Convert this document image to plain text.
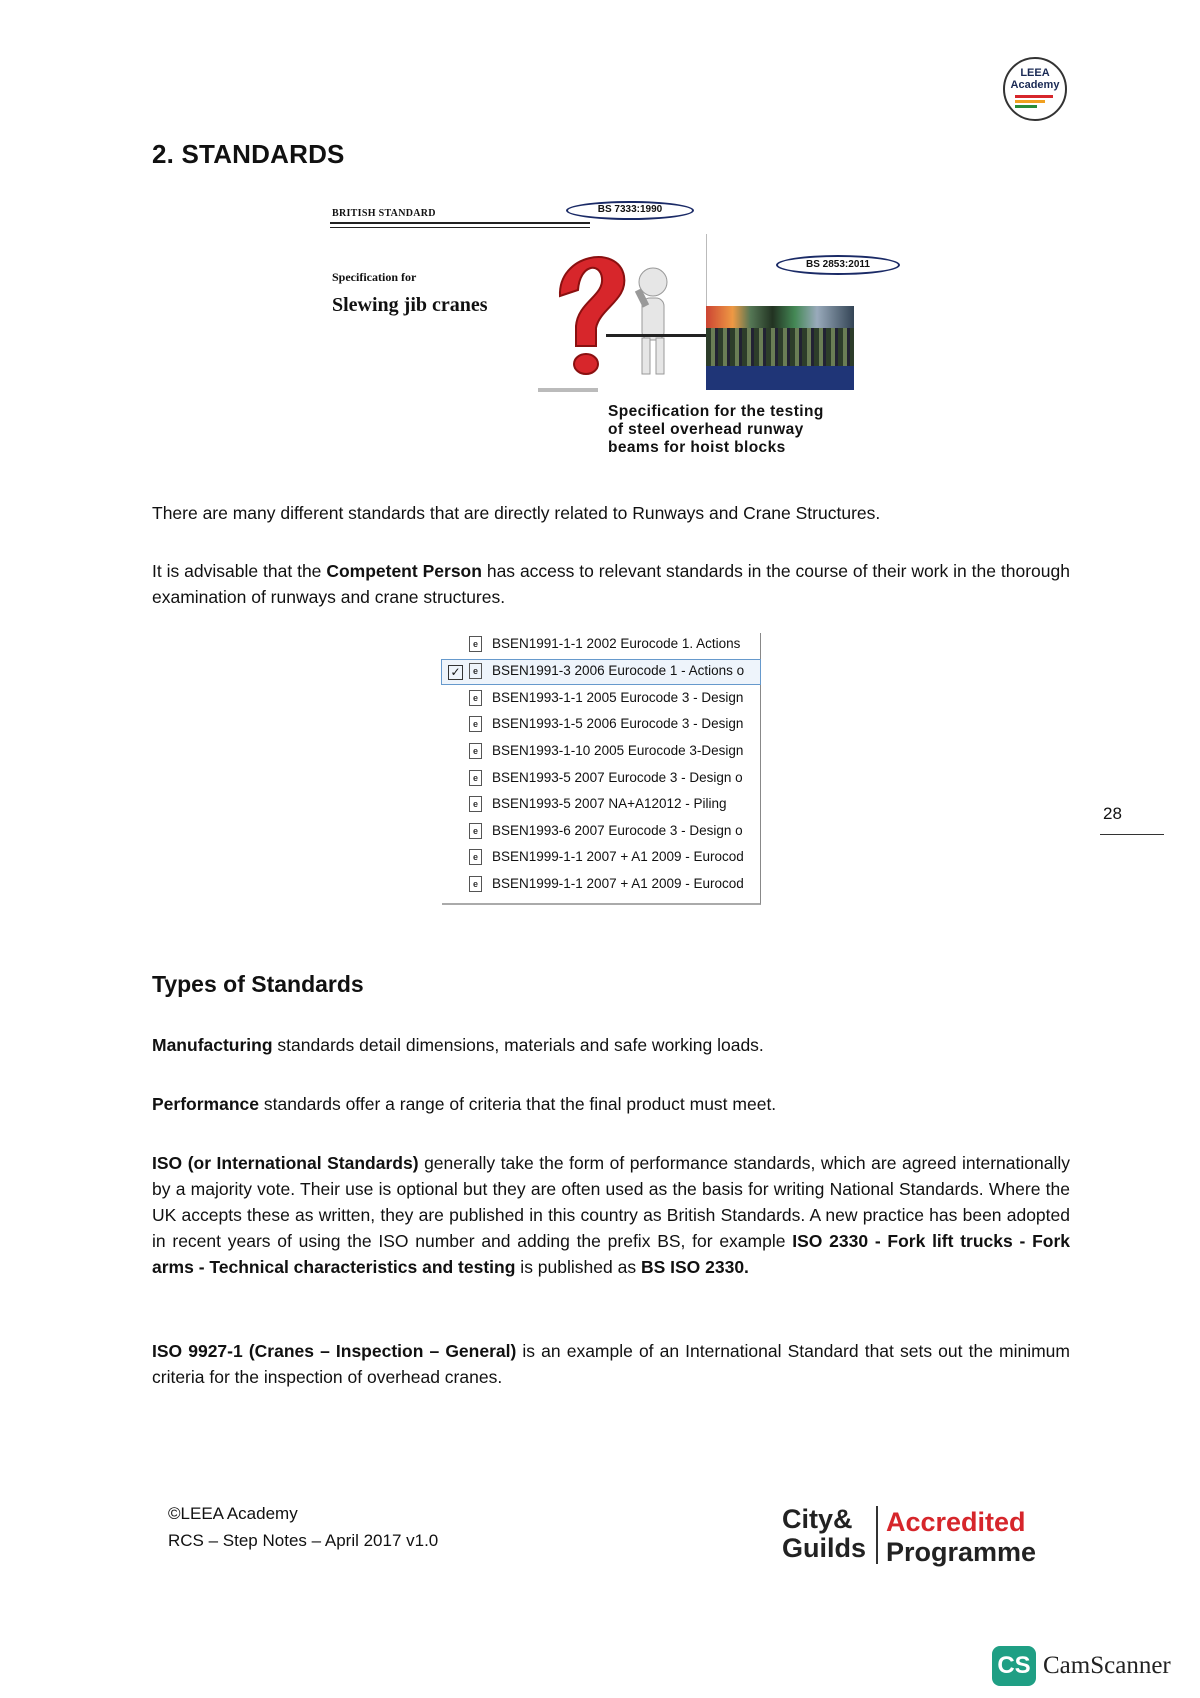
LEEA
Academy
2. STANDARDS
BRITISH STANDARD	BS 7333:1990
Specification for
Slewing jib cranes
BS 2853:2011
Specification for the testing
of steel overhead runway
beams for hoist blocks
There are many different standards that are directly related to Runways and Crane Structures.
It is advisable that the Competent Person has access to relevant standards in the course of their work in the thorough examination of runways and crane structures.
e BSEN1991-1-1 2002 Eurocode 1. Actions
✓	e BSEN1991-3 2006 Eurocode 1 - Actions o
e BSEN1993-1-1 2005 Eurocode 3 - Design
e BSEN1993-1-5 2006 Eurocode 3 - Design
e BSEN1993-1-10 2005 Eurocode 3-Design
e BSEN1993-5 2007 Eurocode 3 - Design o
e BSEN1993-5 2007 NA+A12012 - Piling
e BSEN1993-6 2007 Eurocode 3 - Design o
e BSEN1999-1-1 2007 + A1 2009 - Eurocod
e BSEN1999-1-1 2007 + A1 2009 - Eurocod
28
Types of Standards
Manufacturing standards detail dimensions, materials and safe working loads.
Performance standards offer a range of criteria that the final product must meet.
ISO (or International Standards) generally take the form of performance standards, which are agreed internationally by a majority vote. Their use is optional but they are often used as the basis for writing National Standards. Where the UK accepts these as written, they are published in this country as British Standards. A new practice has been adopted in recent years of using the ISO number and adding the prefix BS, for example ISO 2330 - Fork lift trucks - Fork arms - Technical characteristics and testing is published as BS ISO 2330.
ISO 9927-1 (Cranes – Inspection – General) is an example of an International Standard that sets out the minimum criteria for the inspection of overhead cranes.
©LEEA Academy
RCS – Step Notes – April 2017 v1.0
City&
Guilds
Accredited
Programme
CS CamScanner
